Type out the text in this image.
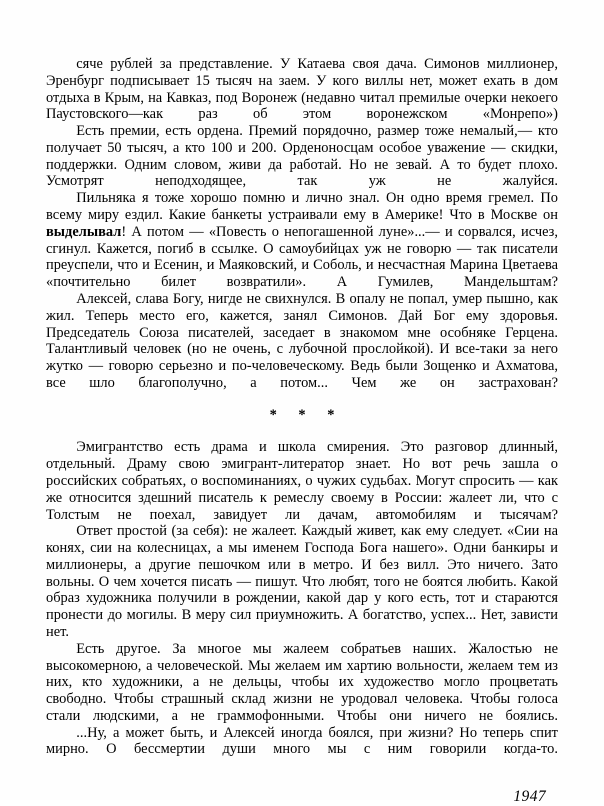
сяче рублей за представление. У Катаева своя дача. Симонов миллионер, Эренбург подписывает 15 тысяч на заем. У кого виллы нет, может ехать в дом отдыха в Крым, на Кавказ, под Воронеж (недавно читал премилые очерки некоего Паустовского—как раз об этом воронежском «Монрепо»)

Есть премии, есть ордена. Премий порядочно, размер тоже немалый,— кто получает 50 тысяч, а кто 100 и 200. Орденоносцам особое уважение — скидки, поддержки. Одним словом, живи да работай. Но не зевай. А то будет плохо. Усмотрят неподходящее, так уж не жалуйся.

Пильняка я тоже хорошо помню и лично знал. Он одно время гремел. По всему миру ездил. Какие банкеты устраивали ему в Америке! Что в Москве он выделывал! А потом — «Повесть о непогашенной луне»...— и сорвался, исчез, сгинул. Кажется, погиб в ссылке. О самоубийцах уж не говорю — так писатели преуспели, что и Есенин, и Маяковский, и Соболь, и несчастная Марина Цветаева «почтительно билет возвратили». А Гумилев, Мандельштам?

Алексей, слава Богу, нигде не свихнулся. В опалу не попал, умер пышно, как жил. Теперь место его, кажется, занял Симонов. Дай Бог ему здоровья. Председатель Союза писателей, заседает в знакомом мне особняке Герцена. Талантливый человек (но не очень, с лубочной прослойкой). И все-таки за него жутко — говорю серьезно и по-человеческому. Ведь были Зощенко и Ахматова, все шло благополучно, а потом... Чем же он застрахован?

* * *

Эмигрантство есть драма и школа смирения. Это разговор длинный, отдельный. Драму свою эмигрант-литератор знает. Но вот речь зашла о российских собратьях, о воспоминаниях, о чужих судьбах. Могут спросить — как же относится здешний писатель к ремеслу своему в России: жалеет ли, что с Толстым не поехал, завидует ли дачам, автомобилям и тысячам?

Ответ простой (за себя): не жалеет. Каждый живет, как ему следует. «Сии на конях, сии на колесницах, а мы именем Господа Бога нашего». Одни банкиры и миллионеры, а другие пешочком или в метро. И без вилл. Это ничего. Зато вольны. О чем хочется писать — пишут. Что любят, того не боятся любить. Какой образ художника получили в рождении, какой дар у кого есть, тот и стараются пронести до могилы. В меру сил приумножить. А богатство, успех... Нет, зависти нет.

Есть другое. За многое мы жалеем собратьев наших. Жалостью не высокомерною, а человеческой. Мы желаем им хартию вольности, желаем тем из них, кто художники, а не дельцы, чтобы их художество могло процветать свободно. Чтобы страшный склад жизни не уродовал человека. Чтобы голоса стали людскими, а не граммофонными. Чтобы они ничего не боялись.

...Ну, а может быть, и Алексей иногда боялся, при жизни? Но теперь спит мирно. О бессмертии души много мы с ним говорили когда-то.

1947
